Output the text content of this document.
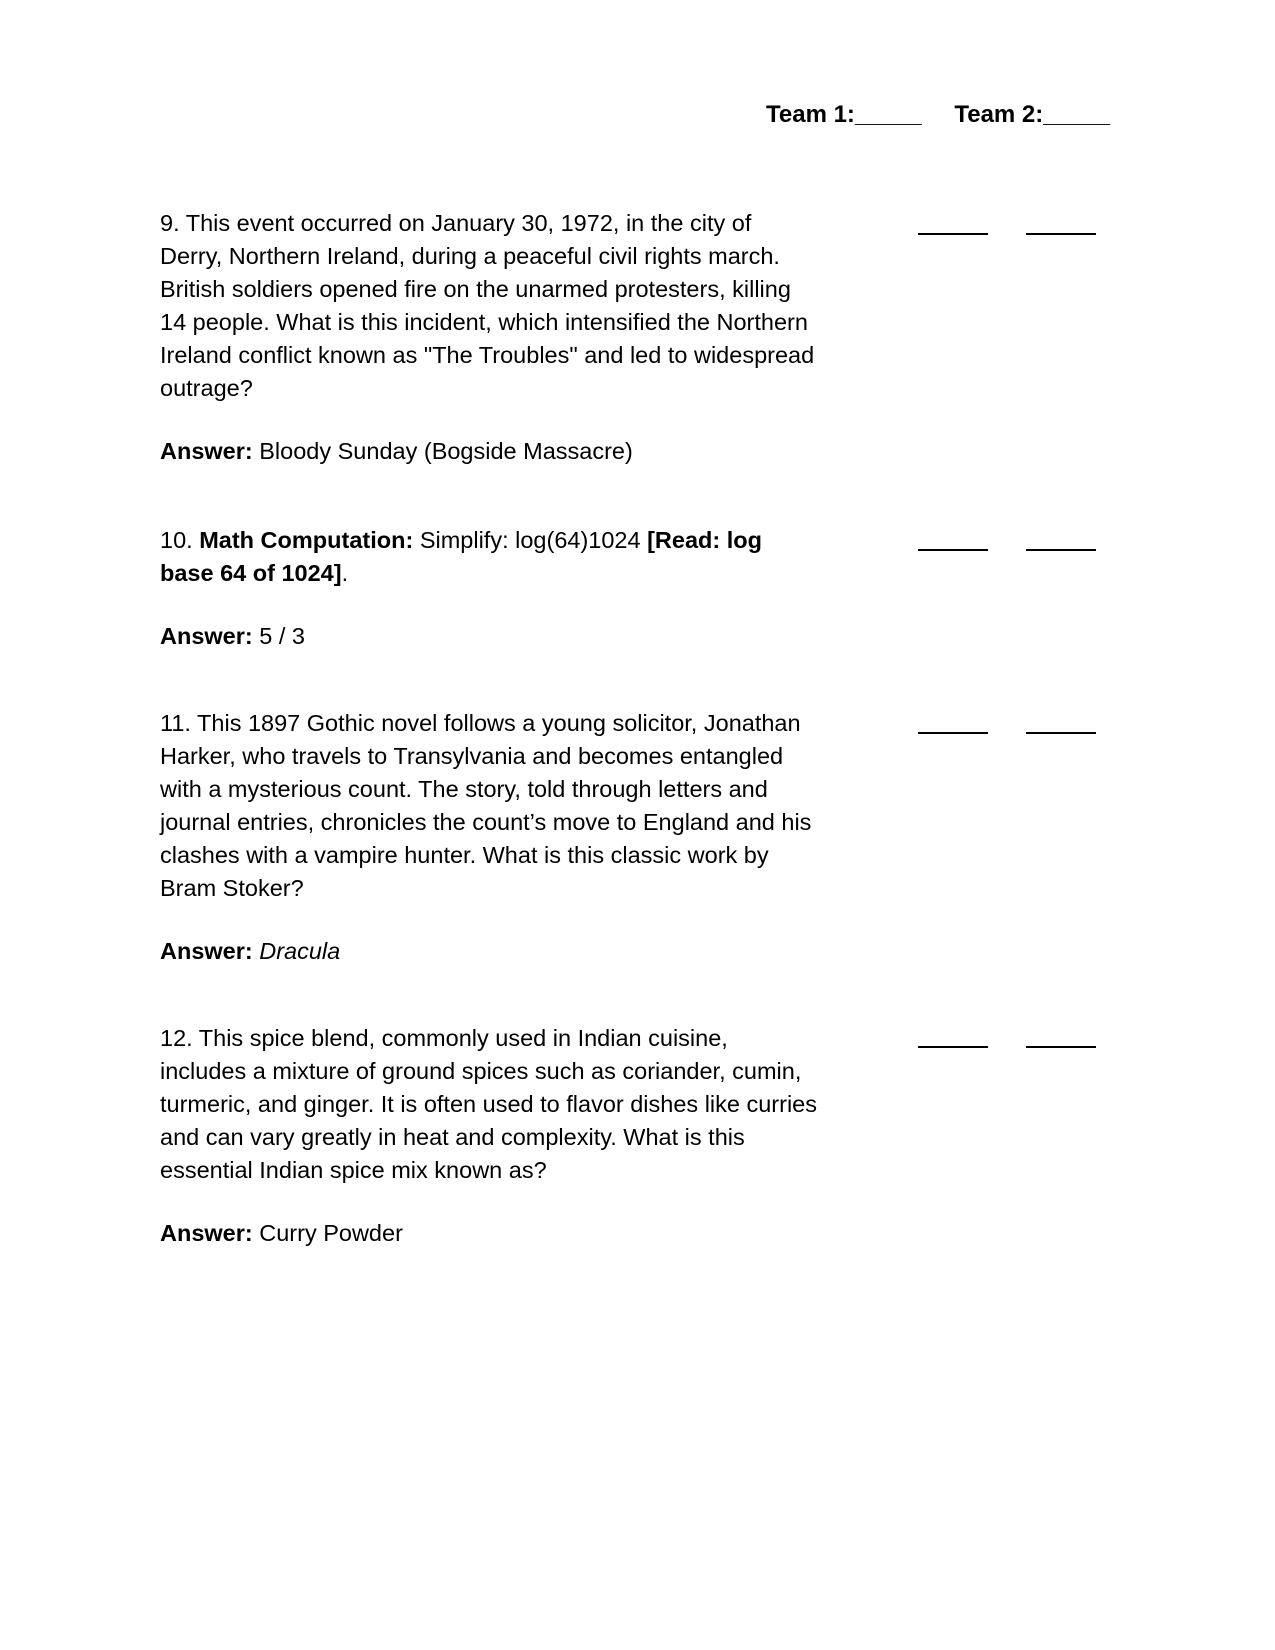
Team 1:_____ Team 2:_____

9. This event occurred on January 30, 1972, in the city of Derry, Northern Ireland, during a peaceful civil rights march. British soldiers opened fire on the unarmed protesters, killing 14 people. What is this incident, which intensified the Northern Ireland conflict known as "The Troubles" and led to widespread outrage?

Answer: Bloody Sunday (Bogside Massacre)

10. Math Computation: Simplify: log(64)1024 [Read: log base 64 of 1024].

Answer: 5 / 3

11. This 1897 Gothic novel follows a young solicitor, Jonathan Harker, who travels to Transylvania and becomes entangled with a mysterious count. The story, told through letters and journal entries, chronicles the count’s move to England and his clashes with a vampire hunter. What is this classic work by Bram Stoker?

Answer: Dracula

12. This spice blend, commonly used in Indian cuisine, includes a mixture of ground spices such as coriander, cumin, turmeric, and ginger. It is often used to flavor dishes like curries and can vary greatly in heat and complexity. What is this essential Indian spice mix known as?

Answer: Curry Powder
